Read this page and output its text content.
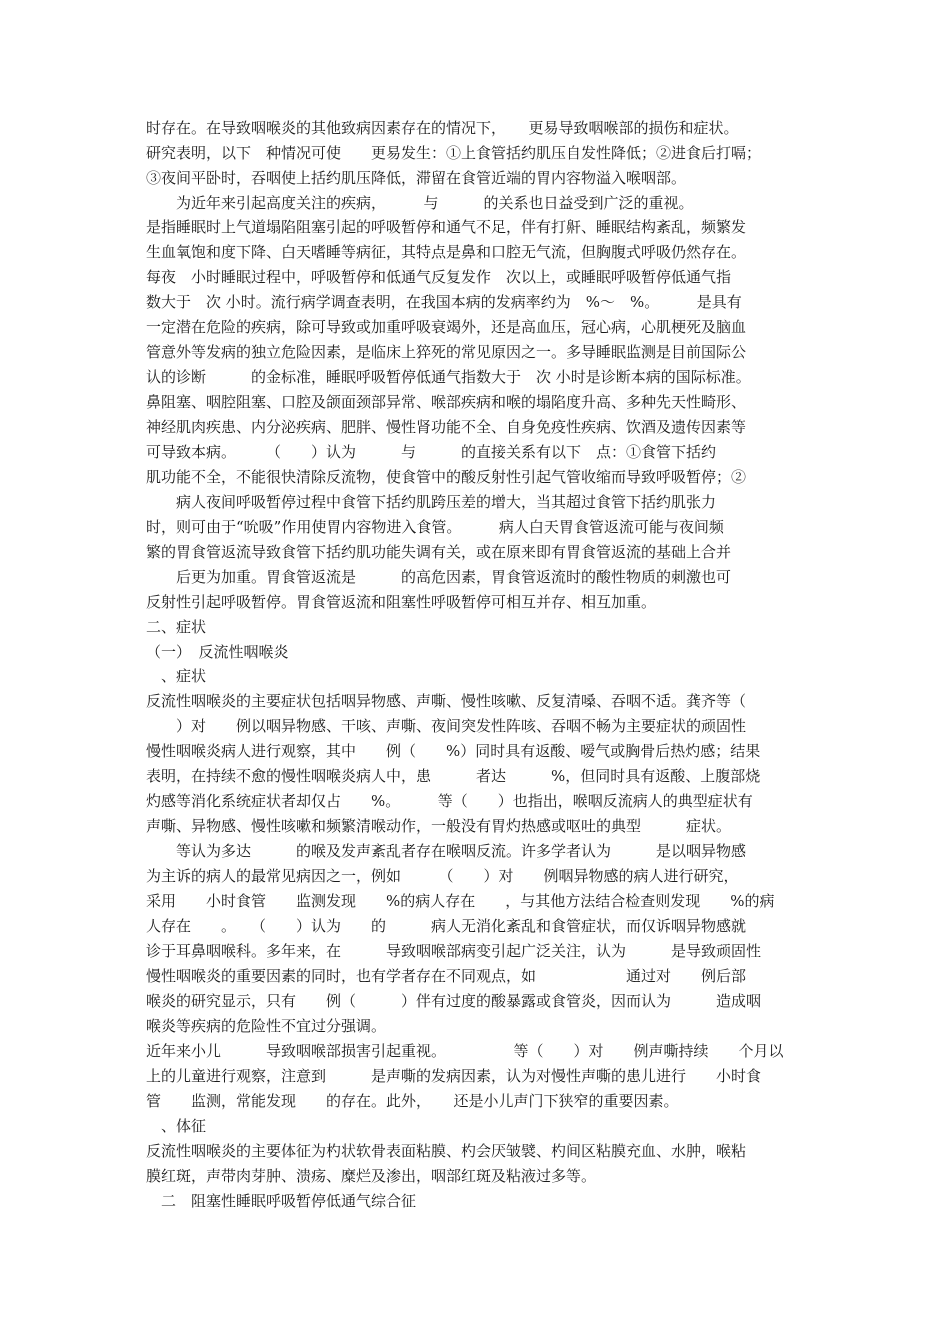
时存在。在导致咽喉炎的其他致病因素存在的情况下，　　更易导致咽喉部的损伤和症状。
研究表明，以下　种情况可使　　更易发生：①上食管括约肌压自发性降低；②进食后打嗝；
③夜间平卧时，吞咽使上括约肌压降低，滞留在食管近端的胃内容物溢入喉咽部。
　　为近年来引起高度关注的疾病，　　　与　　　的关系也日益受到广泛的重视。
是指睡眠时上气道塌陷阻塞引起的呼吸暂停和通气不足，伴有打鼾、睡眠结构紊乱，频繁发
生血氧饱和度下降、白天嗜睡等病征，其特点是鼻和口腔无气流，但胸腹式呼吸仍然存在。
每夜　小时睡眠过程中，呼吸暂停和低通气反复发作　次以上，或睡眠呼吸暂停低通气指
数大于　次 小时。流行病学调查表明，在我国本病的发病率约为　%～　%。　　　是具有
一定潜在危险的疾病，除可导致或加重呼吸衰竭外，还是高血压，冠心病，心肌梗死及脑血
管意外等发病的独立危险因素，是临床上猝死的常见原因之一。多导睡眠监测是目前国际公
认的诊断　　　的金标准，睡眠呼吸暂停低通气指数大于　次 小时是诊断本病的国际标准。
鼻阻塞、咽腔阻塞、口腔及颌面颈部异常、喉部疾病和喉的塌陷度升高、多种先天性畸形、
神经肌肉疾患、内分泌疾病、肥胖、慢性肾功能不全、自身免疫性疾病、饮酒及遗传因素等
可导致本病。　　　（　　）认为　　　与　　　的直接关系有以下　点：①食管下括约
肌功能不全，不能很快清除反流物，使食管中的酸反射性引起气管收缩而导致呼吸暂停；②
　　病人夜间呼吸暂停过程中食管下括约肌跨压差的增大，当其超过食管下括约肌张力
时，则可由于“吮吸”作用使胃内容物进入食管。　　　病人白天胃食管返流可能与夜间频
繁的胃食管返流导致食管下括约肌功能失调有关，或在原来即有胃食管返流的基础上合并
　　后更为加重。胃食管返流是　　　的高危因素，胃食管返流时的酸性物质的刺激也可
反射性引起呼吸暂停。胃食管返流和阻塞性呼吸暂停可相互并存、相互加重。
二、症状
（一）　反流性咽喉炎
　、症状
反流性咽喉炎的主要症状包括咽异物感、声嘶、慢性咳嗽、反复清嗓、吞咽不适。龚齐等（
　　）对　　例以咽异物感、干咳、声嘶、夜间突发性阵咳、吞咽不畅为主要症状的顽固性
慢性咽喉炎病人进行观察，其中　　例（　　%）同时具有返酸、嗳气或胸骨后热灼感；结果
表明，在持续不愈的慢性咽喉炎病人中，患　　　者达　　　%，但同时具有返酸、上腹部烧
灼感等消化系统症状者却仅占　　%。　　　等（　　）也指出，喉咽反流病人的典型症状有
声嘶、异物感、慢性咳嗽和频繁清喉动作，一般没有胃灼热感或呕吐的典型　　　症状。
　　等认为多达　　　的喉及发声紊乱者存在喉咽反流。许多学者认为　　　是以咽异物感
为主诉的病人的最常见病因之一，例如　　　（　　）对　　例咽异物感的病人进行研究，
采用　　小时食管　　监测发现　　%的病人存在　　，与其他方法结合检查则发现　　%的病
人存在　　。　　（　　）认为　　的　　　病人无消化紊乱和食管症状，而仅诉咽异物感就
诊于耳鼻咽喉科。多年来，在　　　导致咽喉部病变引起广泛关注，认为　　　是导致顽固性
慢性咽喉炎的重要因素的同时，也有学者存在不同观点，如　　　　　　通过对　　例后部
喉炎的研究显示，只有　　例（　　　）伴有过度的酸暴露或食管炎，因而认为　　　造成咽
喉炎等疾病的危险性不宜过分强调。
近年来小儿　　　导致咽喉部损害引起重视。　　　　　等（　　）对　　例声嘶持续　　个月以
上的儿童进行观察，注意到　　　是声嘶的发病因素，认为对慢性声嘶的患儿进行　　小时食
管　　监测，常能发现　　的存在。此外，　　还是小儿声门下狭窄的重要因素。
　、体征
反流性咽喉炎的主要体征为杓状软骨表面粘膜、杓会厌皱襞、杓间区粘膜充血、水肿，喉粘
膜红斑，声带肉芽肿、溃疡、糜烂及渗出，咽部红斑及粘液过多等。
　二　阻塞性睡眠呼吸暂停低通气综合征
